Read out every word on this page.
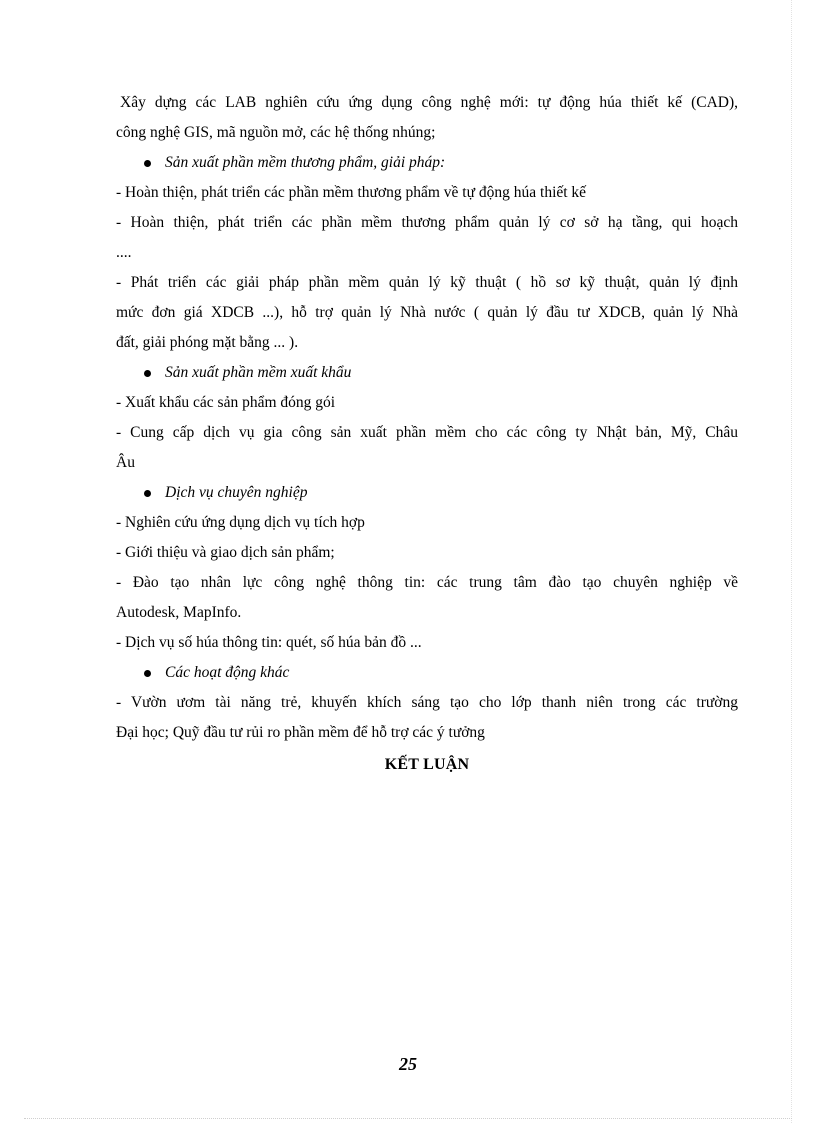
Xây dựng các LAB nghiên cứu ứng dụng công nghệ mới: tự động húa thiết kế (CAD),
công nghệ GIS, mã nguồn mở, các hệ thống nhúng;
Sản xuất phần mềm thương phẩm, giải pháp:
- Hoàn thiện, phát triển các phần mềm thương phẩm về tự động húa thiết kế
- Hoàn thiện, phát triển các phần mềm thương phẩm quản lý cơ sở hạ tầng, qui hoạch
....
- Phát triển các giải pháp phần mềm quản lý kỹ thuật ( hồ sơ kỹ thuật, quản lý định
mức đơn giá XDCB ...), hỗ trợ quản lý Nhà nước ( quản lý đầu tư XDCB, quản lý Nhà
đất, giải phóng mặt bằng ... ).
Sản xuất phần mềm xuất khẩu
- Xuất khẩu các sản phẩm đóng gói
- Cung cấp dịch vụ gia công sản xuất phần mềm cho các công ty Nhật bản, Mỹ, Châu
Âu
Dịch vụ chuyên nghiệp
- Nghiên cứu ứng dụng dịch vụ tích hợp
- Giới thiệu và giao dịch sản phẩm;
- Đào tạo nhân lực công nghệ thông tin: các trung tâm đào tạo chuyên nghiệp về
Autodesk, MapInfo.
- Dịch vụ số húa thông tin: quét, số húa bản đồ ...
Các hoạt động khác
- Vườn ươm tài năng trẻ, khuyến khích sáng tạo cho lớp thanh niên trong các trường
Đại học; Quỹ đầu tư rủi ro phần mềm để hỗ trợ các ý tưởng
KẾT LUẬN
25
